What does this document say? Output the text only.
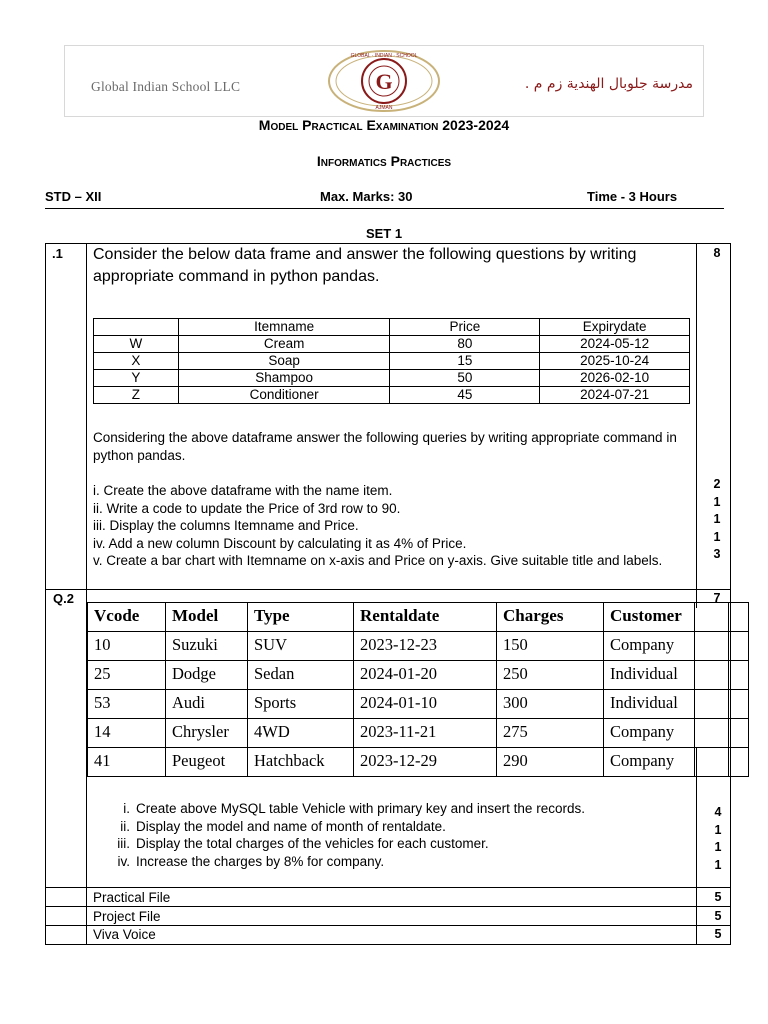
Global Indian School LLC	G
GLOBAL · INDIAN · SCHOOL
AJMAN
مدرسة جلوبال الهندية زم م .
Model Practical Examination 2023-2024
Informatics Practices
STD – XII	Max. Marks: 30	Time - 3 Hours
SET 1
.1	8
Consider the below data frame and answer the following questions by writing appropriate command in python pandas.
	Itemname	Price	Expirydate
W	Cream	80	2024-05-12
X	Soap	15	2025-10-24
Y	Shampoo	50	2026-02-10
Z	Conditioner	45	2024-07-21
Considering the above dataframe answer the following queries by writing appropriate command in python pandas.
i. Create the above dataframe with the name item.
ii. Write a code to update the Price of 3rd row to 90.
iii. Display the columns Itemname and Price.
iv. Add a new column Discount by calculating it as 4% of Price.
v. Create a bar chart with Itemname on x-axis and Price on y-axis. Give suitable title and labels.
2
1
1
1
3
Q.2	7
Vcode	Model	Type	Rentaldate	Charges	Customer		
10	Suzuki	SUV	2023-12-23	150	Company		
25	Dodge	Sedan	2024-01-20	250	Individual		
53	Audi	Sports	2024-01-10	300	Individual		
14	Chrysler	4WD	2023-11-21	275	Company		
41	Peugeot	Hatchback	2023-12-29	290	Company		
i. Create above MySQL table Vehicle with primary key and insert the records.
ii. Display the model and name of month of rentaldate.
iii. Display the total charges of the vehicles for each customer.
iv. Increase the charges by 8% for company.
4
1
1
1
Practical File	5
Project File	5
Viva Voice	5
